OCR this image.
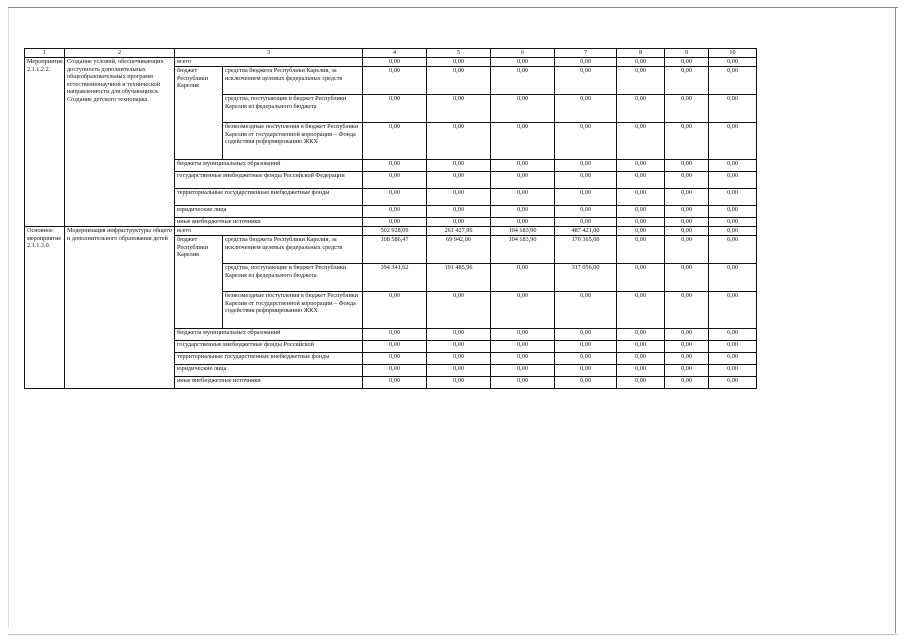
1	2	3		4	5	6	7	8	9	10
Мероприятие 2.1.1.2.2.	Создание условий, обеспечивающих доступность дополнительных общеобразовательных программ естественнонаучной и технической направленности для обучающихся. Создание детского технопарка	всего		0,00	0,00	0,00	0,00	0,00	0,00	0,00
		бюджет Республики Карелия	средства бюджета Республики Карелия, за исключением целевых федеральных средств	0,00	0,00	0,00	0,00	0,00	0,00	0,00
			средства, поступающие в бюджет Республики Карелия из федерального бюджета	0,00	0,00	0,00	0,00	0,00	0,00	0,00
			безвозмездные поступления в бюджет Республики Карелия от государственной корпорации – Фонда содействия реформированию ЖКХ	0,00	0,00	0,00	0,00	0,00	0,00	0,00
		бюджеты муниципальных образований		0,00	0,00	0,00	0,00	0,00	0,00	0,00
		государственные внебюджетные фонды Российской Федерации		0,00	0,00	0,00	0,00	0,00	0,00	0,00
		территориальные государственные внебюджетные фонды		0,00	0,00	0,00	0,00	0,00	0,00	0,00
		юридические лица		0,00	0,00	0,00	0,00	0,00	0,00	0,00
		иные внебюджетные источники		0,00	0,00	0,00	0,00	0,00	0,00	0,00
Основное мероприятие 2.1.1.3.0.	Модернизация инфраструктуры общего и дополнительного образования детей	всего		502 928,09	261 427,96	104 183,90	487 421,00	0,00	0,00	0,00
		бюджет Республики Карелия	средства бюджета Республики Карелия, за исключением целевых федеральных средств	108 586,47	69 942,00	104 183,90	170 365,00	0,00	0,00	0,00
			средства, поступающие в бюджет Республики Карелия из федерального бюджета	394 341,62	191 485,96	0,00	317 056,00	0,00	0,00	0,00
			безвозмездные поступления в бюджет Республики Карелия от государственной корпорации – Фонда содействия реформированию ЖКХ	0,00	0,00	0,00	0,00	0,00	0,00	0,00
		бюджеты муниципальных образований		0,00	0,00	0,00	0,00	0,00	0,00	0,00
		государственные внебюджетные фонды Российской		0,00	0,00	0,00	0,00	0,00	0,00	0,00
		территориальные государственные внебюджетные фонды		0,00	0,00	0,00	0,00	0,00	0,00	0,00
		юридические лица		0,00	0,00	0,00	0,00	0,00	0,00	0,00
		иные внебюджетные источники		0,00	0,00	0,00	0,00	0,00	0,00	0,00
